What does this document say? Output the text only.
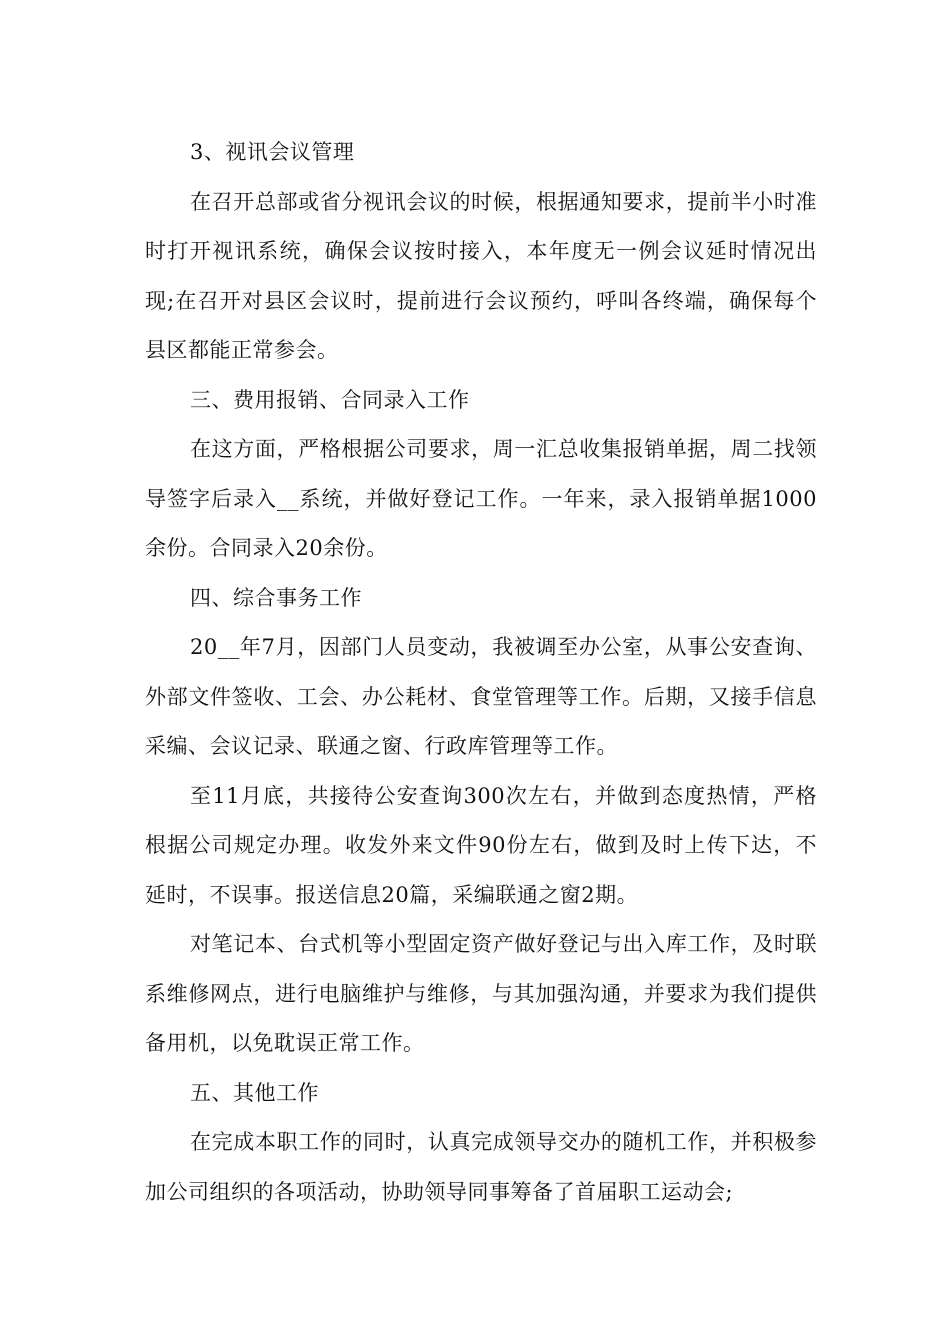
3、视讯会议管理

在召开总部或省分视讯会议的时候，根据通知要求，提前半小时准时打开视讯系统，确保会议按时接入，本年度无一例会议延时情况出现;在召开对县区会议时，提前进行会议预约，呼叫各终端，确保每个县区都能正常参会。

三、费用报销、合同录入工作

在这方面，严格根据公司要求，周一汇总收集报销单据，周二找领导签字后录入__系统，并做好登记工作。一年来，录入报销单据1000余份。合同录入20余份。

四、综合事务工作

20__年7月，因部门人员变动，我被调至办公室，从事公安查询、外部文件签收、工会、办公耗材、食堂管理等工作。后期，又接手信息采编、会议记录、联通之窗、行政库管理等工作。

至11月底，共接待公安查询300次左右，并做到态度热情，严格根据公司规定办理。收发外来文件90份左右，做到及时上传下达，不延时，不误事。报送信息20篇，采编联通之窗2期。

对笔记本、台式机等小型固定资产做好登记与出入库工作，及时联系维修网点，进行电脑维护与维修，与其加强沟通，并要求为我们提供备用机，以免耽误正常工作。

五、其他工作

在完成本职工作的同时，认真完成领导交办的随机工作，并积极参加公司组织的各项活动，协助领导同事筹备了首届职工运动会;
